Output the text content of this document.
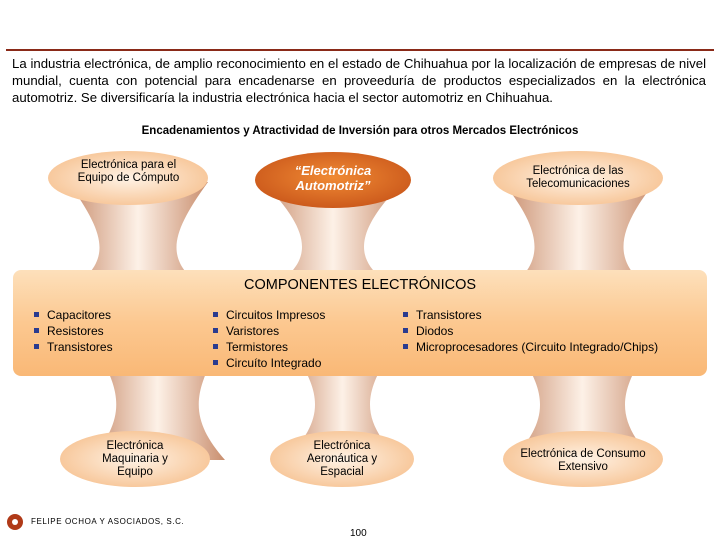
La industria electrónica, de amplio reconocimiento en el estado de Chihuahua por la localización de empresas de nivel mundial, cuenta con potencial para encadenarse en proveeduría de productos especializados en la electrónica automotriz. Se diversificaría la industria electrónica hacia el sector automotriz en Chihuahua.

Encadenamientos y Atractividad de Inversión para otros Mercados Electrónicos

Electrónica para el Equipo de Cómputo	“Electrónica Automotriz”
Electrónica de las Telecomunicaciones

COMPONENTES ELECTRÓNICOS

Capacitores
Resistores
Transistores
Circuitos Impresos
Varistores
Termistores
Circuíto Integrado
Transistores
Diodos
Microprocesadores (Circuito Integrado/Chips)
Electrónica Maquinaria y Equipo
Electrónica Aeronáutica y Espacial
Electrónica de Consumo Extensivo
FELIPE OCHOA Y ASOCIADOS, S.C.
100
